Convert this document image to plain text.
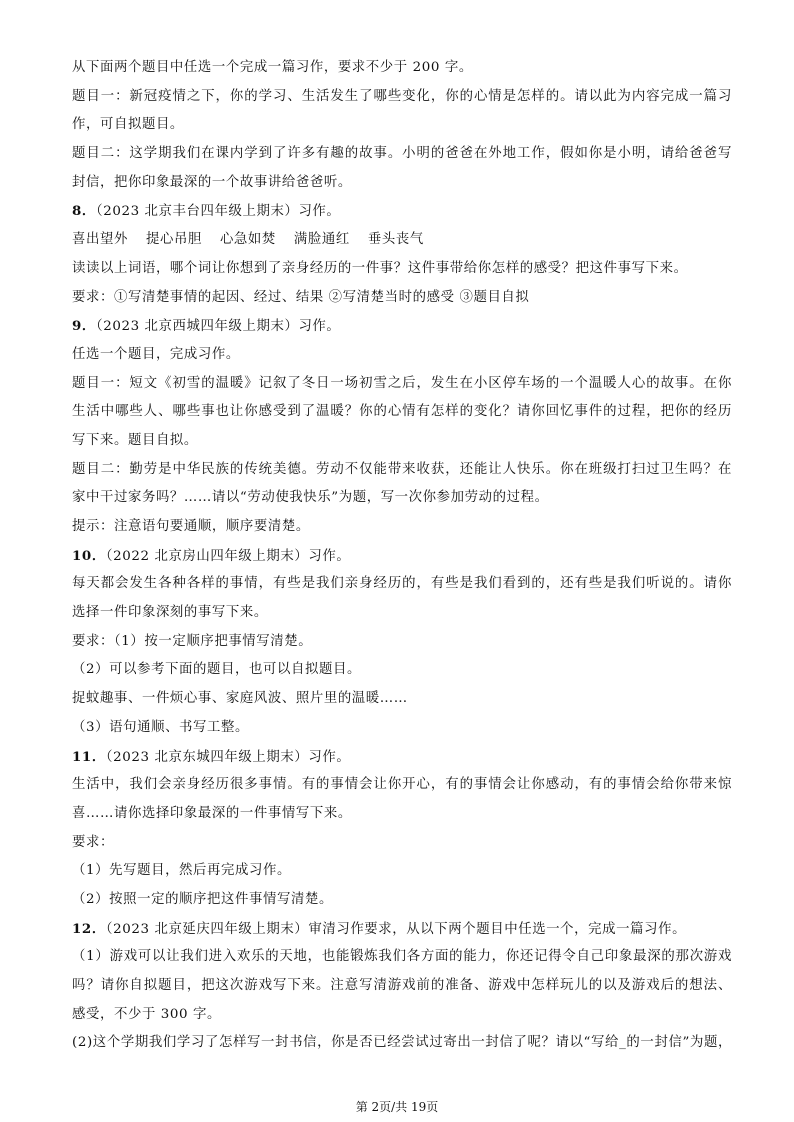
从下面两个题目中任选一个完成一篇习作，要求不少于 200 字。
题目一：新冠疫情之下，你的学习、生活发生了哪些变化，你的心情是怎样的。请以此为内容完成一篇习
作，可自拟题目。
题目二：这学期我们在课内学到了许多有趣的故事。小明的爸爸在外地工作，假如你是小明，请给爸爸写
封信，把你印象最深的一个故事讲给爸爸听。
8．（2023 北京丰台四年级上期末）习作。
喜出望外 提心吊胆 心急如焚 满脸通红 垂头丧气
读读以上词语，哪个词让你想到了亲身经历的一件事？这件事带给你怎样的感受？把这件事写下来。
要求：①写清楚事情的起因、经过、结果 ②写清楚当时的感受 ③题目自拟
9．（2023 北京西城四年级上期末）习作。
任选一个题目，完成习作。
题目一：短文《初雪的温暖》记叙了冬日一场初雪之后，发生在小区停车场的一个温暖人心的故事。在你
生活中哪些人、哪些事也让你感受到了温暖？你的心情有怎样的变化？请你回忆事件的过程，把你的经历
写下来。题目自拟。
题目二：勤劳是中华民族的传统美德。劳动不仅能带来收获，还能让人快乐。你在班级打扫过卫生吗？在
家中干过家务吗？……请以“劳动使我快乐”为题，写一次你参加劳动的过程。
提示：注意语句要通顺，顺序要清楚。
10．（2022 北京房山四年级上期末）习作。
每天都会发生各种各样的事情，有些是我们亲身经历的，有些是我们看到的，还有些是我们听说的。请你
选择一件印象深刻的事写下来。
要求：（1）按一定顺序把事情写清楚。
（2）可以参考下面的题目，也可以自拟题目。
捉蚊趣事、一件烦心事、家庭风波、照片里的温暖……
（3）语句通顺、书写工整。
11．（2023 北京东城四年级上期末）习作。
生活中，我们会亲身经历很多事情。有的事情会让你开心，有的事情会让你感动，有的事情会给你带来惊
喜……请你选择印象最深的一件事情写下来。
要求：
（1）先写题目，然后再完成习作。
（2）按照一定的顺序把这件事情写清楚。
12．（2023 北京延庆四年级上期末）审清习作要求，从以下两个题目中任选一个，完成一篇习作。
（1）游戏可以让我们进入欢乐的天地，也能锻炼我们各方面的能力，你还记得令自己印象最深的那次游戏
吗？请你自拟题目，把这次游戏写下来。注意写清游戏前的准备、游戏中怎样玩儿的以及游戏后的想法、
感受，不少于 300 字。
(2)这个学期我们学习了怎样写一封书信，你是否已经尝试过寄出一封信了呢？请以“写给_的一封信”为题，
第 2页/共 19页
